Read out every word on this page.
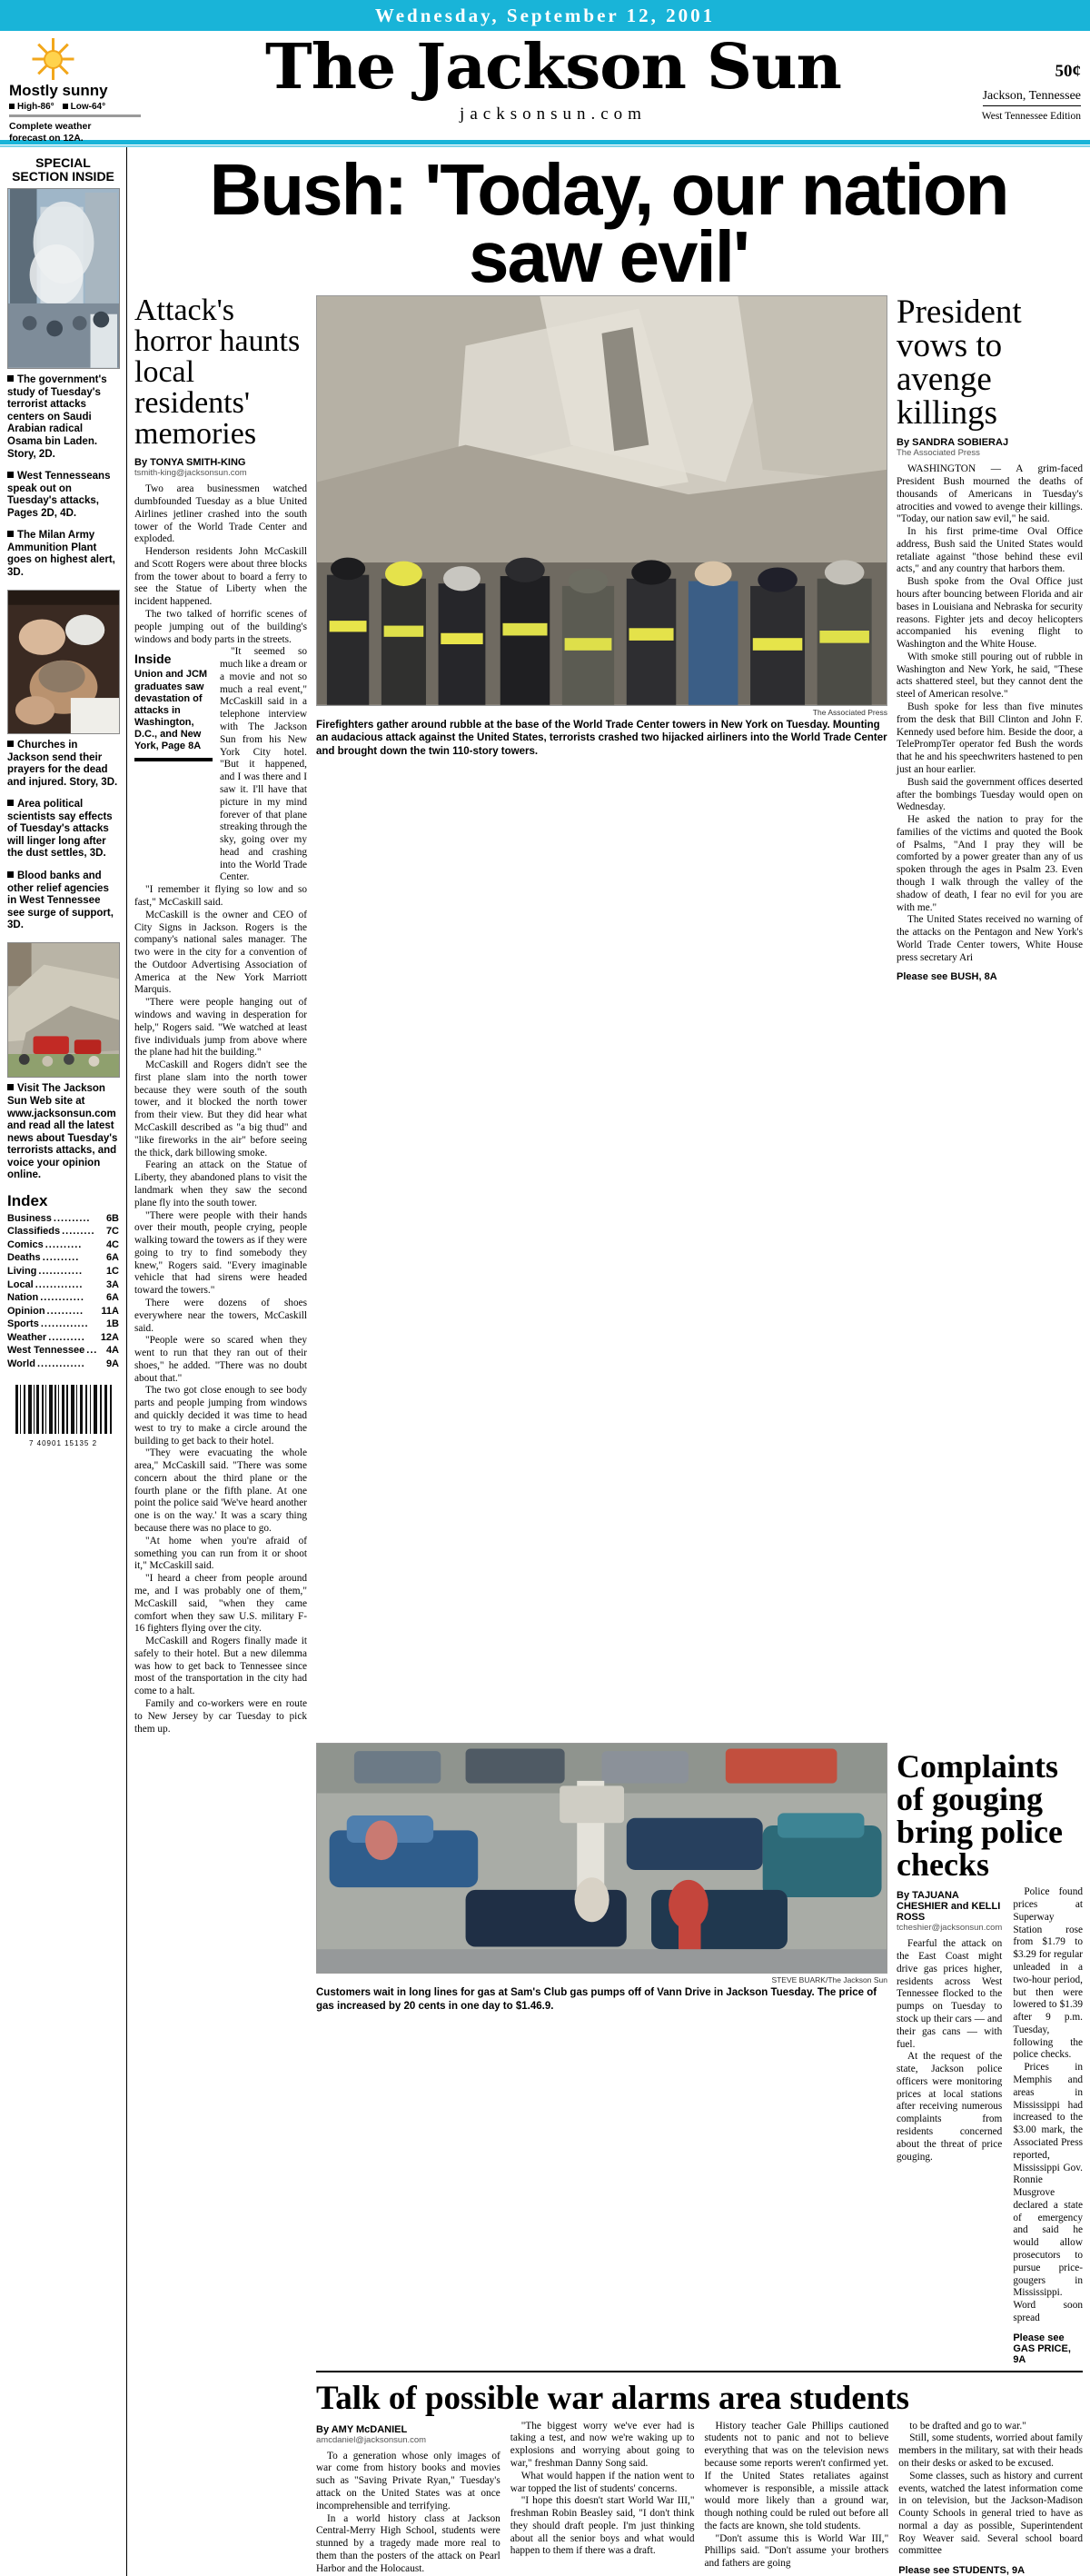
Wednesday, September 12, 2001
Mostly sunny
High-86°	Low-64°
Complete weather forecast on 12A.
The Jackson Sun
jacksonsun.com
50¢
Jackson, Tennessee
West Tennessee Edition
SPECIAL SECTION INSIDE
The government's study of Tuesday's terrorist attacks centers on Saudi Arabian radical Osama bin Laden. Story, 2D.
West Tennesseans speak out on Tuesday's attacks, Pages 2D, 4D.
The Milan Army Ammunition Plant goes on highest alert, 3D.
Churches in Jackson send their prayers for the dead and injured. Story, 3D.
Area political scientists say effects of Tuesday's attacks will linger long after the dust settles, 3D.
Blood banks and other relief agencies in West Tennessee see surge of support, 3D.
Visit The Jackson Sun Web site at www.jacksonsun.com and read all the latest news about Tuesday's terrorists attacks, and voice your opinion online.
Index
Business ..........	6B
Classifieds .........	7C
Comics ..........	4C
Deaths ..........	6A
Living ............	1C
Local .............	3A
Nation ............	6A
Opinion ..........	11A
Sports .............	1B
Weather ..........	12A
West Tennessee ... 4A
World .............	9A
7 40901 15135 2
Bush: 'Today, our nation saw evil'
Attack's horror haunts local residents' memories
By TONYA SMITH-KING
tsmith-king@jacksonsun.com

Two area businessmen watched dumbfounded Tuesday as a blue United Airlines jetliner crashed into the south tower of the World Trade Center and exploded.

Henderson residents John McCaskill and Scott Rogers were about three blocks from the tower about to board a ferry to see the Statue of Liberty when the incident happened.

The two talked of horrific scenes of people jumping out of the building's windows and body parts in the streets.

Inside

Union and JCM graduates saw devastation of attacks in Washington, D.C., and New York, Page 8A

"It seemed so much like a dream or a movie and not so much a real event," McCaskill said in a telephone interview with The Jackson Sun from his New York City hotel. "But it happened, and I was there and I saw it. I'll have that picture in my mind forever of that plane streaking through the sky, going over my head and crashing into the World Trade Center.

"I remember it flying so low and so fast," McCaskill said.

McCaskill is the owner and CEO of City Signs in Jackson. Rogers is the company's national sales manager. The two were in the city for a convention of the Outdoor Advertising Association of America at the New York Marriott Marquis.

"There were people hanging out of windows and waving in desperation for help," Rogers said. "We watched at least five individuals jump from above where the plane had hit the building."

McCaskill and Rogers didn't see the first plane slam into the north tower because they were south of the south tower, and it blocked the north tower from their view. But they did hear what McCaskill described as "a big thud" and "like fireworks in the air" before seeing the thick, dark billowing smoke.

Fearing an attack on the Statue of Liberty, they abandoned plans to visit the landmark when they saw the second plane fly into the south tower.

"There were people with their hands over their mouth, people crying, people walking toward the towers as if they were going to try to find somebody they knew," Rogers said. "Every imaginable vehicle that had sirens were headed toward the towers."

There were dozens of shoes everywhere near the towers, McCaskill said.

"People were so scared when they went to run that they ran out of their shoes," he added. "There was no doubt about that."

The two got close enough to see body parts and people jumping from windows and quickly decided it was time to head west to try to make a circle around the building to get back to their hotel.

"They were evacuating the whole area," McCaskill said. "There was some concern about the third plane or the fourth plane or the fifth plane. At one point the police said 'We've heard another one is on the way.' It was a scary thing because there was no place to go.

"At home when you're afraid of something you can run from it or shoot it," McCaskill said.

"I heard a cheer from people around me, and I was probably one of them," McCaskill said, "when they came comfort when they saw U.S. military F-16 fighters flying over the city.

McCaskill and Rogers finally made it safely to their hotel. But a new dilemma was how to get back to Tennessee since most of the transportation in the city had come to a halt.

Family and co-workers were en route to New Jersey by car Tuesday to pick them up.

The Associated Press
Firefighters gather around rubble at the base of the World Trade Center towers in New York on Tuesday. Mounting an audacious attack against the United States, terrorists crashed two hijacked airliners into the World Trade Center and brought down the twin 110-story towers.
President vows to avenge killings
By SANDRA SOBIERAJ
The Associated Press

WASHINGTON — A grim-faced President Bush mourned the deaths of thousands of Americans in Tuesday's atrocities and vowed to avenge their killings. "Today, our nation saw evil," he said.

In his first prime-time Oval Office address, Bush said the United States would retaliate against "those behind these evil acts," and any country that harbors them.

Bush spoke from the Oval Office just hours after bouncing between Florida and air bases in Louisiana and Nebraska for security reasons. Fighter jets and decoy helicopters accompanied his evening flight to Washington and the White House.

With smoke still pouring out of rubble in Washington and New York, he said, "These acts shattered steel, but they cannot dent the steel of American resolve."

Bush spoke for less than five minutes from the desk that Bill Clinton and John F. Kennedy used before him. Beside the door, a TelePrompTer operator fed Bush the words that he and his speechwriters hastened to pen just an hour earlier.

Bush said the government offices deserted after the bombings Tuesday would open on Wednesday.

He asked the nation to pray for the families of the victims and quoted the Book of Psalms, "And I pray they will be comforted by a power greater than any of us spoken through the ages in Psalm 23. Even though I walk through the valley of the shadow of death, I fear no evil for you are with me."

The United States received no warning of the attacks on the Pentagon and New York's World Trade Center towers, White House press secretary Ari

Please see BUSH, 8A
STEVE BUARK/The Jackson Sun
Customers wait in long lines for gas at Sam's Club gas pumps off of Vann Drive in Jackson Tuesday. The price of gas increased by 20 cents in one day to $1.46.9.
Complaints of gouging bring police checks
By TAJUANA CHESHIER and KELLI ROSS
tcheshier@jacksonsun.com

Fearful the attack on the East Coast might drive gas prices higher, residents across West Tennessee flocked to the pumps on Tuesday to stock up their cars — and their gas cans — with fuel.

At the request of the state, Jackson police officers were monitoring prices at local stations after receiving numerous complaints from residents concerned about the threat of price gouging.

Police found prices at Superway Station rose from $1.79 to $3.29 for regular unleaded in a two-hour period, but then were lowered to $1.39 after 9 p.m. Tuesday, following the police checks.

Prices in Memphis and areas in Mississippi had increased to the $3.00 mark, the Associated Press reported, Mississippi Gov. Ronnie Musgrove declared a state of emergency and said he would allow prosecutors to pursue price-gougers in Mississippi. Word soon spread

Please see GAS PRICE, 9A
Talk of possible war alarms area students
By AMY McDANIEL
amcdaniel@jacksonsun.com

To a generation whose only images of war come from history books and movies such as "Saving Private Ryan," Tuesday's attack on the United States was at once incomprehensible and terrifying.

In a world history class at Jackson Central-Merry High School, students were stunned by a tragedy made more real to them than the posters of the attack on Pearl Harbor and the Holocaust.

"The biggest worry we've ever had is taking a test, and now we're waking up to explosions and worrying about going to war," freshman Danny Song said.

What would happen if the nation went to war topped the list of students' concerns.

"I hope this doesn't start World War III," freshman Robin Beasley said, "I don't think they should draft people. I'm just thinking about all the senior boys and what would happen to them if there was a draft.

History teacher Gale Phillips cautioned students not to panic and not to believe everything that was on the television news because some reports weren't confirmed yet. If the United States retaliates against whomever is responsible, a missile attack would more likely than a ground war, though nothing could be ruled out before all the facts are known, she told students.

"Don't assume this is World War III," Phillips said. "Don't assume your brothers and fathers are going

to be drafted and go to war."

Still, some students, worried about family members in the military, sat with their heads on their desks or asked to be excused.

Some classes, such as history and current events, watched the latest information come in on television, but the Jackson-Madison County Schools in general tried to have as normal a day as possible, Superintendent Roy Weaver said. Several school board committee

Please see STUDENTS, 9A
